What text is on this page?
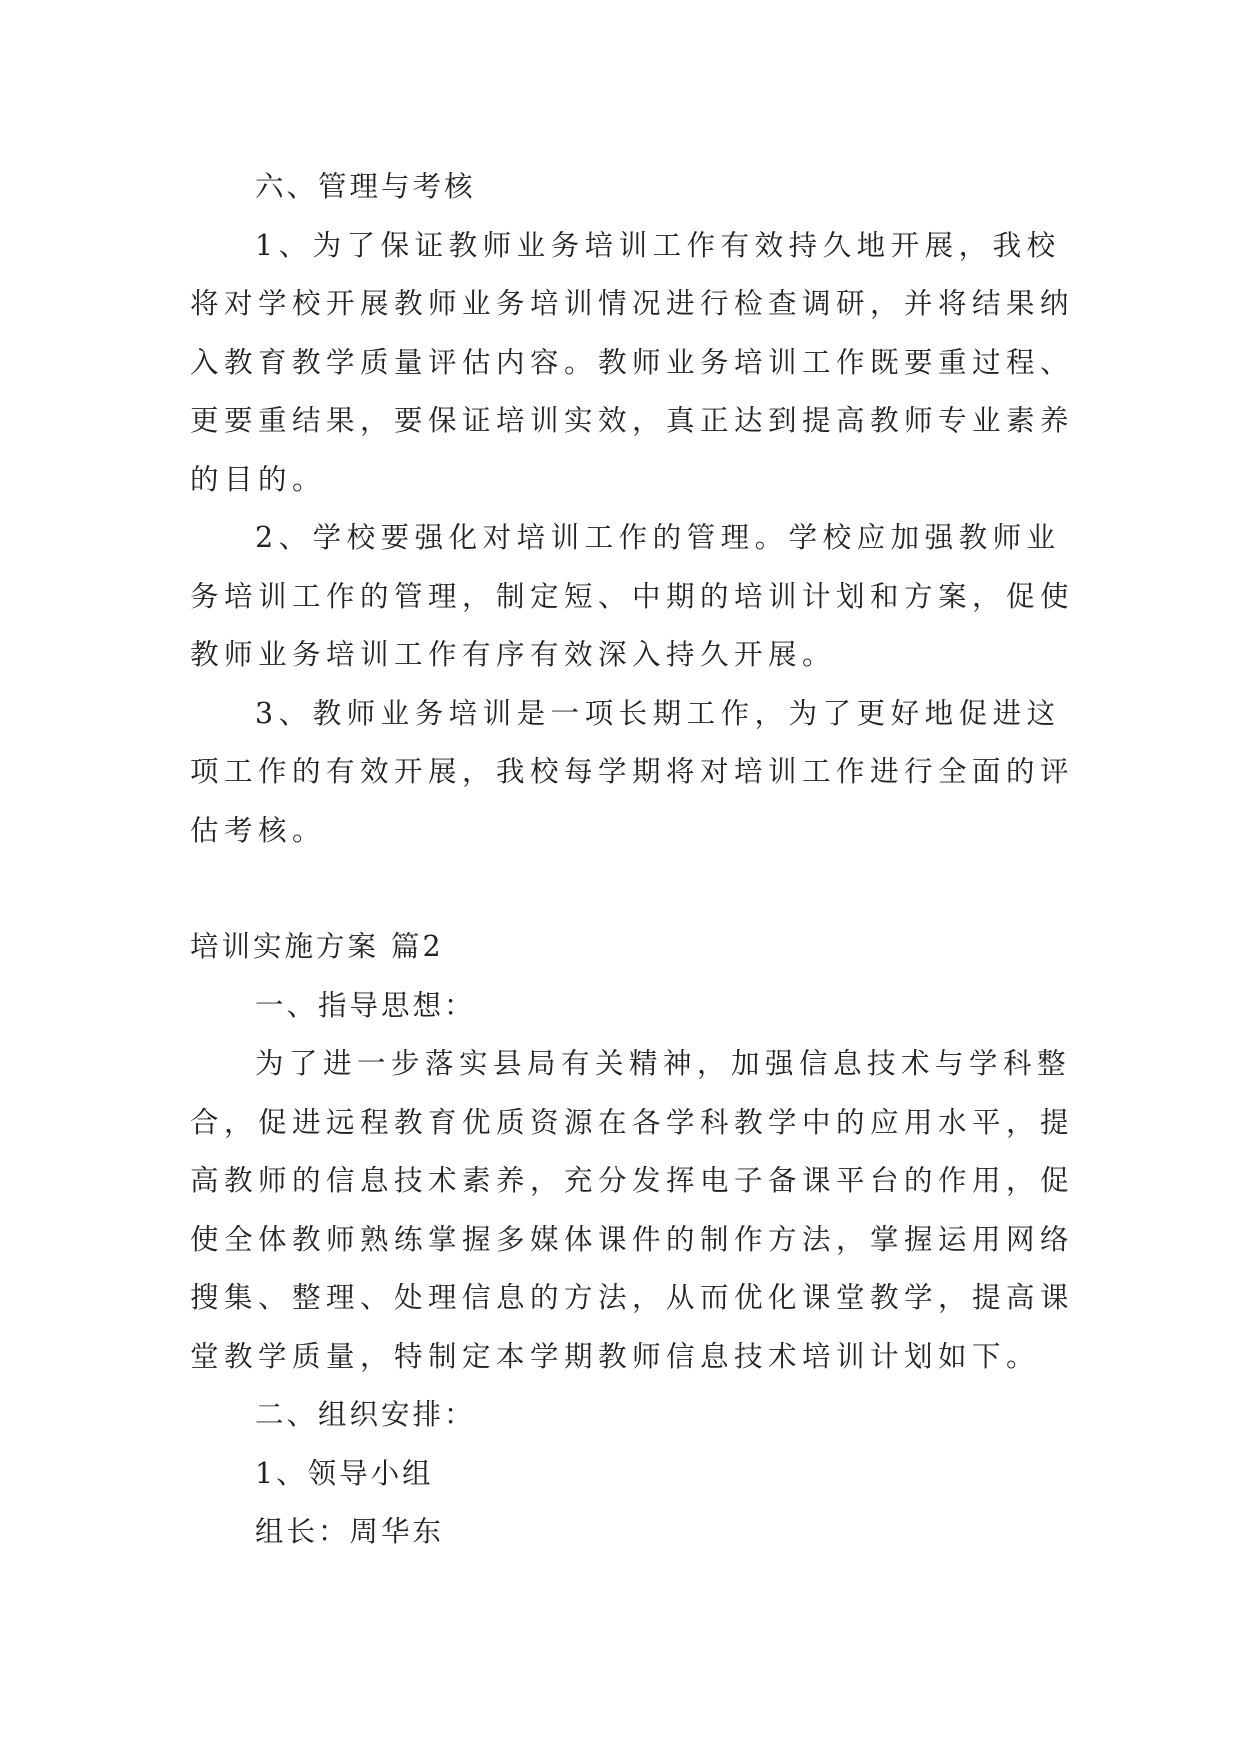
六、管理与考核
1、为了保证教师业务培训工作有效持久地开展，我校
将对学校开展教师业务培训情况进行检查调研，并将结果纳
入教育教学质量评估内容。教师业务培训工作既要重过程、
更要重结果，要保证培训实效，真正达到提高教师专业素养
的目的。
2、学校要强化对培训工作的管理。学校应加强教师业
务培训工作的管理，制定短、中期的培训计划和方案，促使
教师业务培训工作有序有效深入持久开展。
3、教师业务培训是一项长期工作，为了更好地促进这
项工作的有效开展，我校每学期将对培训工作进行全面的评
估考核。
培训实施方案 篇2
一、指导思想：
为了进一步落实县局有关精神，加强信息技术与学科整
合，促进远程教育优质资源在各学科教学中的应用水平，提
高教师的信息技术素养，充分发挥电子备课平台的作用，促
使全体教师熟练掌握多媒体课件的制作方法，掌握运用网络
搜集、整理、处理信息的方法，从而优化课堂教学，提高课
堂教学质量，特制定本学期教师信息技术培训计划如下。
二、组织安排：
1、领导小组
组长：周华东
